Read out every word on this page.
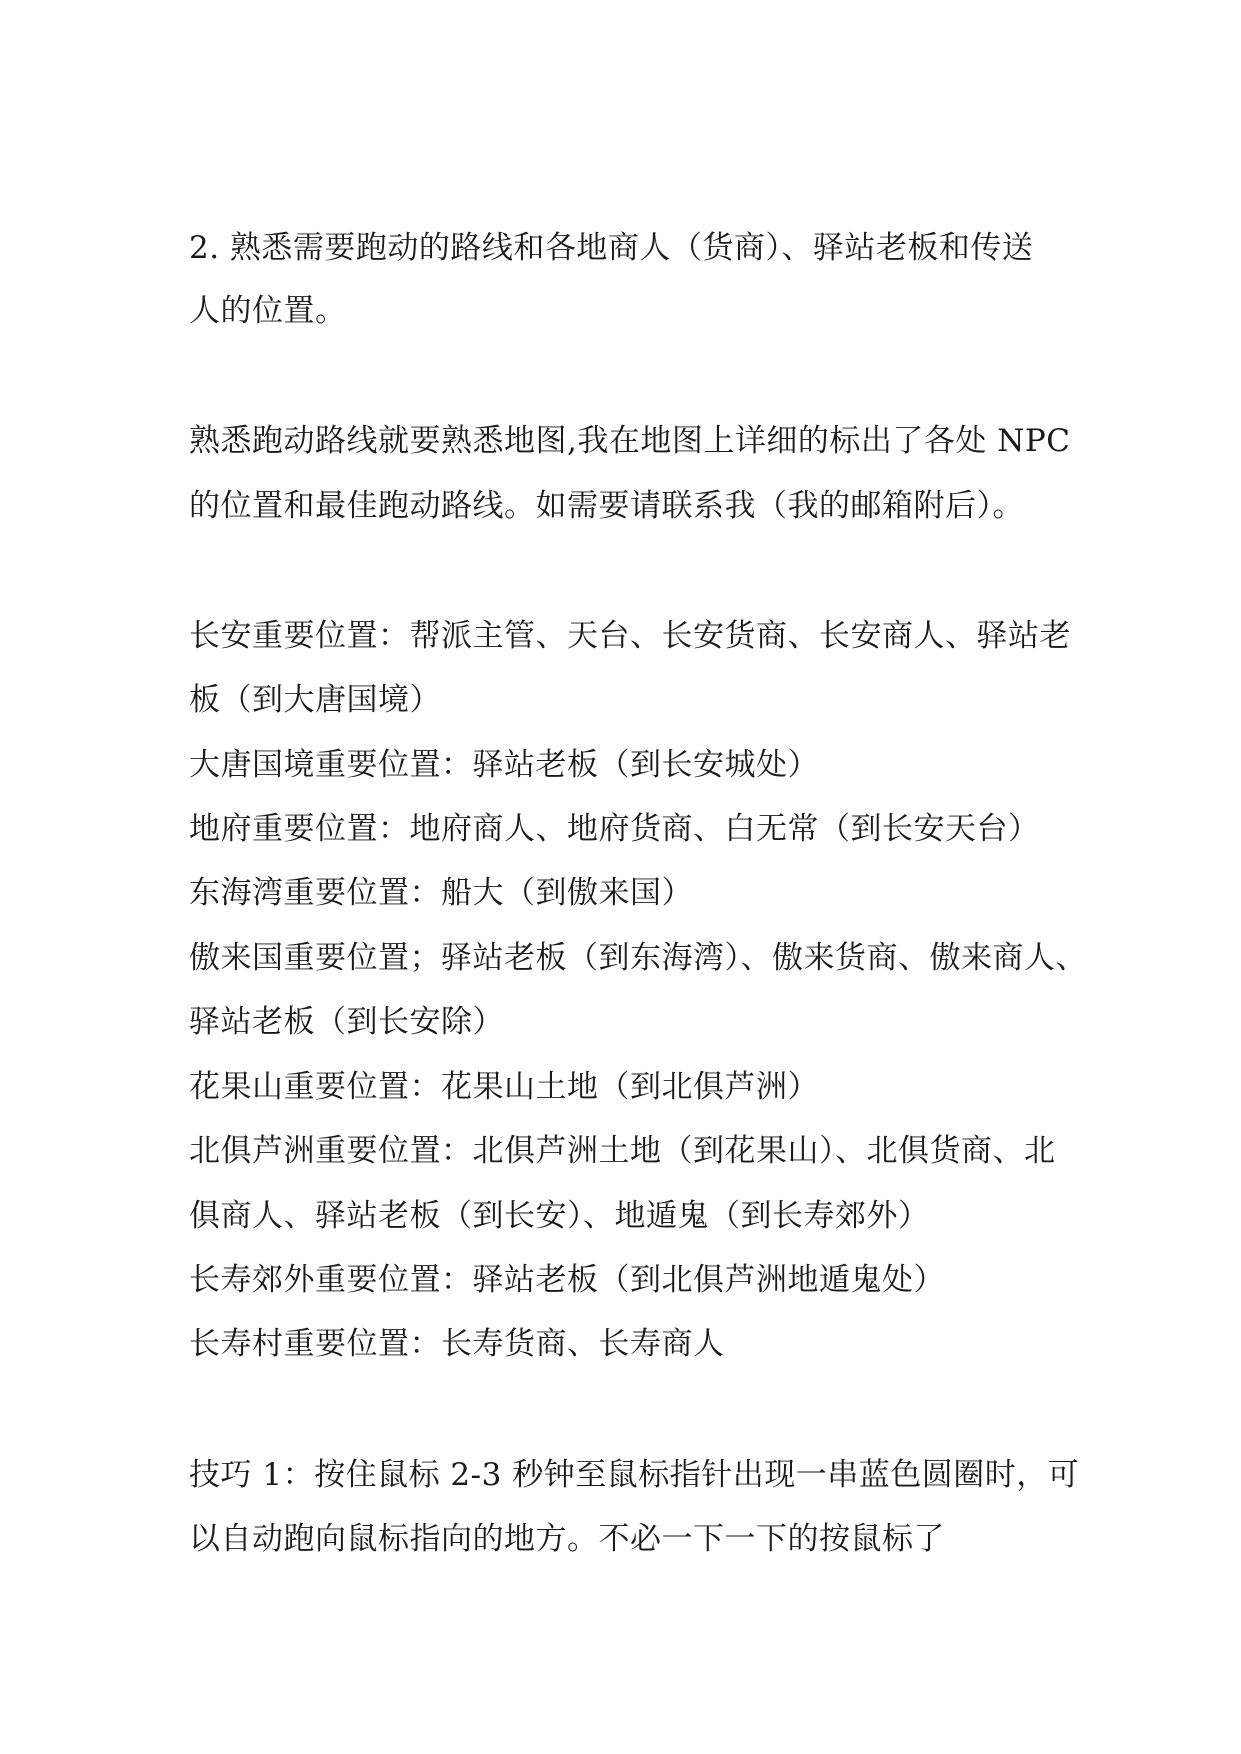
2. 熟悉需要跑动的路线和各地商人（货商）、驿站老板和传送
人的位置。
熟悉跑动路线就要熟悉地图,我在地图上详细的标出了各处 NPC
的位置和最佳跑动路线。如需要请联系我（我的邮箱附后）。
长安重要位置：帮派主管、天台、长安货商、长安商人、驿站老
板（到大唐国境）
大唐国境重要位置：驿站老板（到长安城处）
地府重要位置：地府商人、地府货商、白无常（到长安天台）
东海湾重要位置：船大（到傲来国）
傲来国重要位置；驿站老板（到东海湾）、傲来货商、傲来商人、
驿站老板（到长安除）
花果山重要位置：花果山土地（到北俱芦洲）
北俱芦洲重要位置：北俱芦洲土地（到花果山）、北俱货商、北
俱商人、驿站老板（到长安）、地遁鬼（到长寿郊外）
长寿郊外重要位置：驿站老板（到北俱芦洲地遁鬼处）
长寿村重要位置：长寿货商、长寿商人
技巧 1：按住鼠标 2-3 秒钟至鼠标指针出现一串蓝色圆圈时，可
以自动跑向鼠标指向的地方。不必一下一下的按鼠标了
